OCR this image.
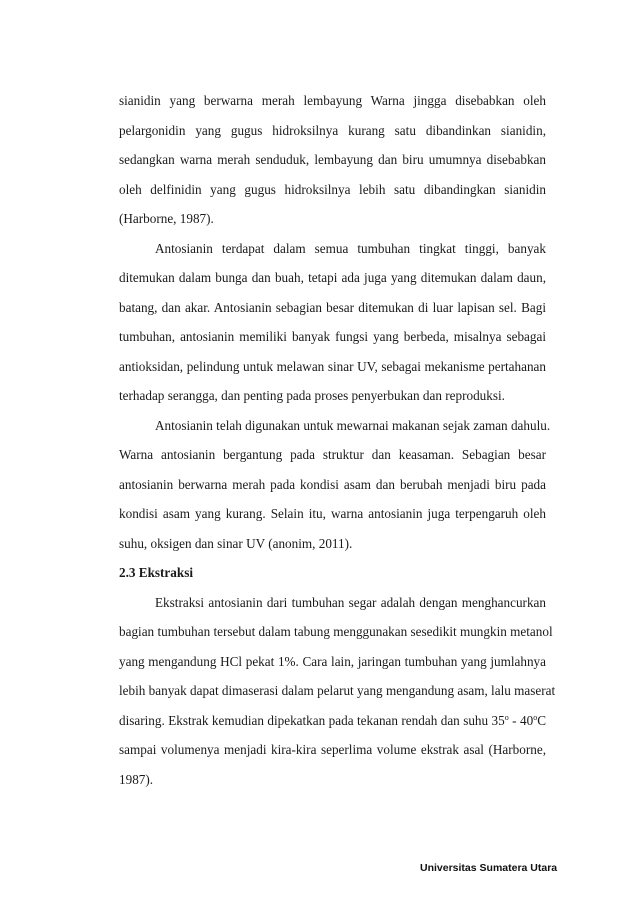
sianidin yang berwarna merah lembayung Warna jingga disebabkan oleh
pelargonidin yang gugus hidroksilnya kurang satu dibandinkan sianidin,
sedangkan warna merah senduduk, lembayung dan biru umumnya disebabkan
oleh delfinidin yang gugus hidroksilnya lebih satu dibandingkan sianidin
(Harborne, 1987).
Antosianin terdapat dalam semua tumbuhan tingkat tinggi, banyak
ditemukan dalam bunga dan buah, tetapi ada juga yang ditemukan dalam daun,
batang, dan akar. Antosianin sebagian besar ditemukan di luar lapisan sel. Bagi
tumbuhan, antosianin memiliki banyak fungsi yang berbeda, misalnya sebagai
antioksidan, pelindung untuk melawan sinar UV, sebagai mekanisme pertahanan
terhadap serangga, dan penting pada proses penyerbukan dan reproduksi.
Antosianin telah digunakan untuk mewarnai makanan sejak zaman dahulu.
Warna antosianin bergantung pada struktur dan keasaman. Sebagian besar
antosianin berwarna merah pada kondisi asam dan berubah menjadi biru pada
kondisi asam yang kurang. Selain itu, warna antosianin juga terpengaruh oleh
suhu, oksigen dan sinar UV (anonim, 2011).
2.3 Ekstraksi
Ekstraksi antosianin dari tumbuhan segar adalah dengan menghancurkan
bagian tumbuhan tersebut dalam tabung menggunakan sesedikit mungkin metanol
yang mengandung HCl pekat 1%. Cara lain, jaringan tumbuhan yang jumlahnya
lebih banyak dapat dimaserasi dalam pelarut yang mengandung asam, lalu maserat
disaring. Ekstrak kemudian dipekatkan pada tekanan rendah dan suhu 35$^o$ - 40$^o$C
sampai volumenya menjadi kira-kira seperlima volume ekstrak asal (Harborne,
1987).
Universitas Sumatera Utara
